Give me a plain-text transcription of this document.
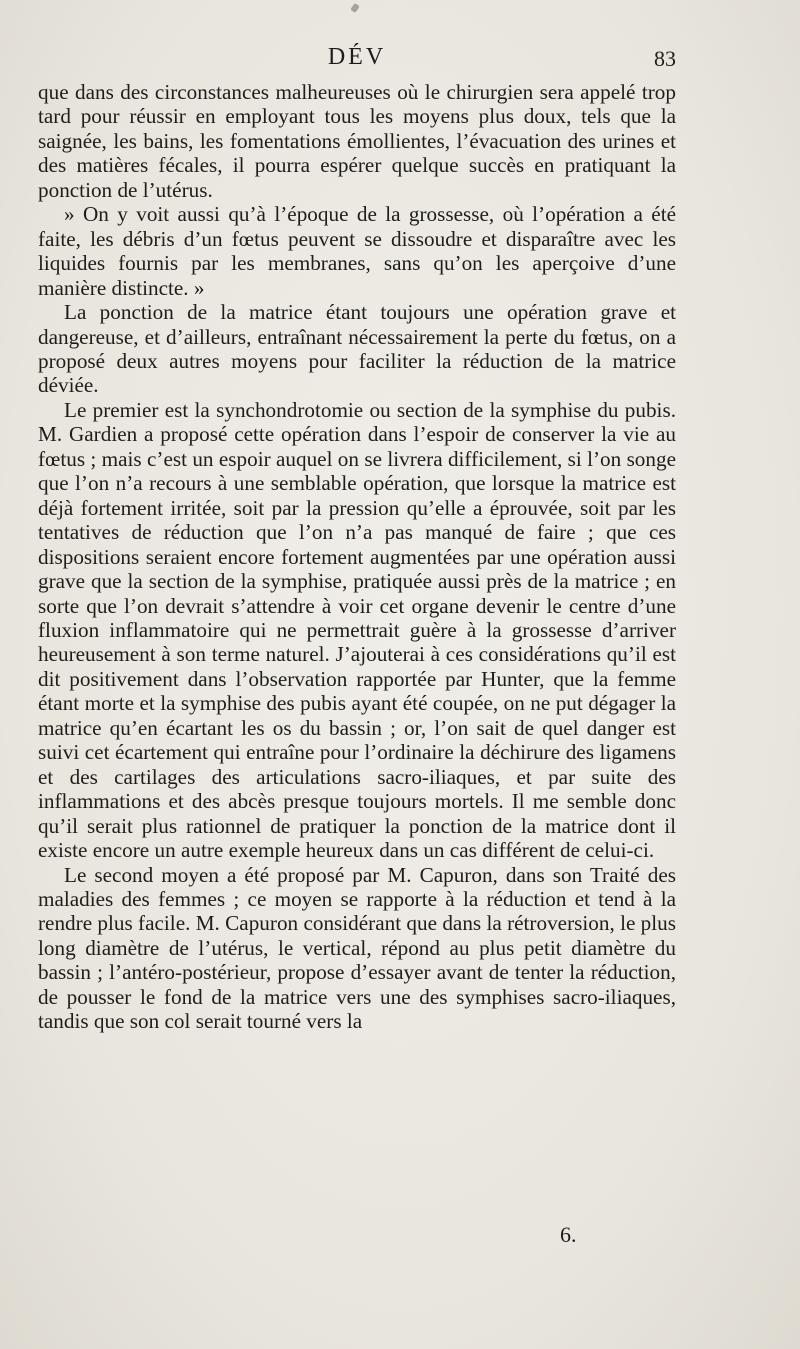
DÉV	83

que dans des circonstances malheureuses où le chirurgien sera appelé trop tard pour réussir en employant tous les moyens plus doux, tels que la saignée, les bains, les fomentations émollientes, l’évacuation des urines et des matières fécales, il pourra espérer quelque succès en pratiquant la ponction de l’utérus.

» On y voit aussi qu’à l’époque de la grossesse, où l’opération a été faite, les débris d’un fœtus peuvent se dissoudre et disparaître avec les liquides fournis par les membranes, sans qu’on les aperçoive d’une manière distincte. »

La ponction de la matrice étant toujours une opération grave et dangereuse, et d’ailleurs, entraînant nécessairement la perte du fœtus, on a proposé deux autres moyens pour faciliter la réduction de la matrice déviée.

Le premier est la synchondrotomie ou section de la symphise du pubis. M. Gardien a proposé cette opération dans l’espoir de conserver la vie au fœtus ; mais c’est un espoir auquel on se livrera difficilement, si l’on songe que l’on n’a recours à une semblable opération, que lorsque la matrice est déjà fortement irritée, soit par la pression qu’elle a éprouvée, soit par les tentatives de réduction que l’on n’a pas manqué de faire ; que ces dispositions seraient encore fortement augmentées par une opération aussi grave que la section de la symphise, pratiquée aussi près de la matrice ; en sorte que l’on devrait s’attendre à voir cet organe devenir le centre d’une fluxion inflammatoire qui ne permettrait guère à la grossesse d’arriver heureusement à son terme naturel. J’ajouterai à ces considérations qu’il est dit positivement dans l’observation rapportée par Hunter, que la femme étant morte et la symphise des pubis ayant été coupée, on ne put dégager la matrice qu’en écartant les os du bassin ; or, l’on sait de quel danger est suivi cet écartement qui entraîne pour l’ordinaire la déchirure des ligamens et des cartilages des articulations sacro-iliaques, et par suite des inflammations et des abcès presque toujours mortels. Il me semble donc qu’il serait plus rationnel de pratiquer la ponction de la matrice dont il existe encore un autre exemple heureux dans un cas différent de celui-ci.

Le second moyen a été proposé par M. Capuron, dans son Traité des maladies des femmes ; ce moyen se rapporte à la réduction et tend à la rendre plus facile. M. Capuron considérant que dans la rétroversion, le plus long diamètre de l’utérus, le vertical, répond au plus petit diamètre du bassin ; l’antéro-postérieur, propose d’essayer avant de tenter la réduction, de pousser le fond de la matrice vers une des symphises sacro-iliaques, tandis que son col serait tourné vers la

6.
